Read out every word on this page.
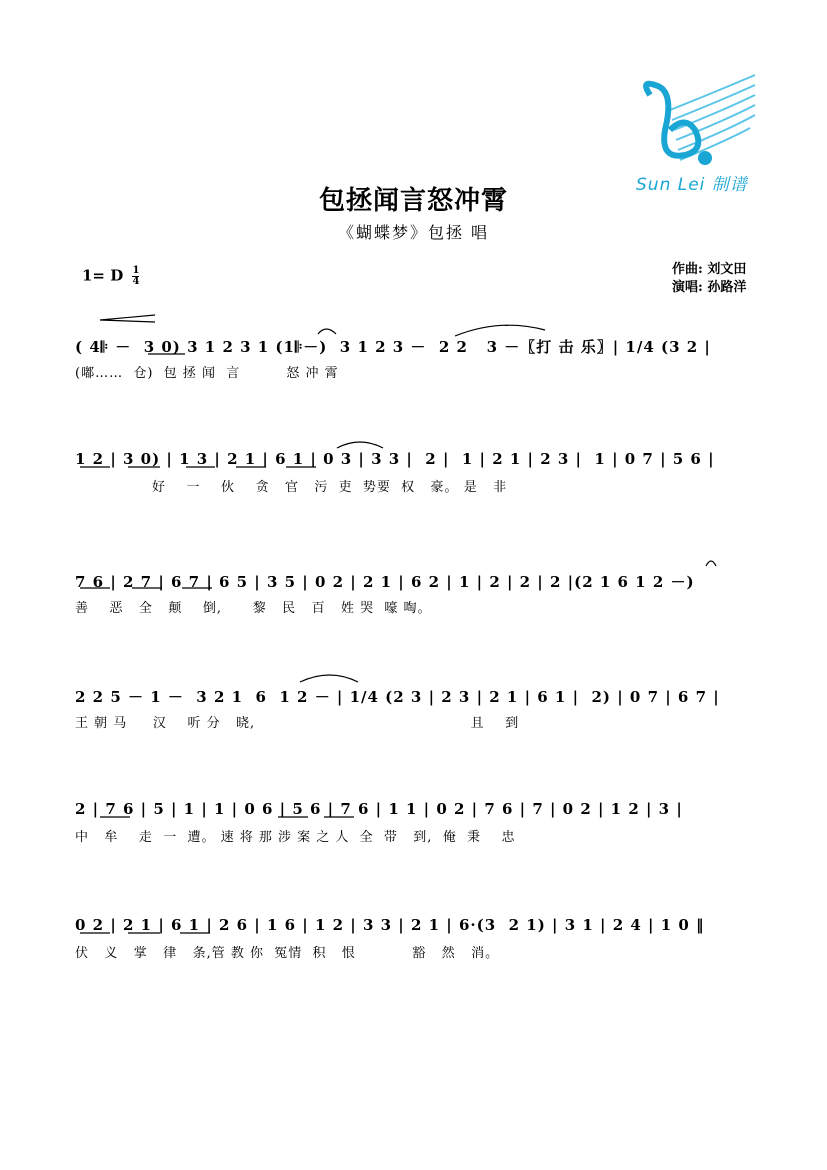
Sun Lei 制谱
包拯闻言怒冲霄
《蝴蝶梦》包拯 唱
1= D $\frac{1}{4}$	作曲: 刘文田
演唱: 孙路洋
( 4𝄆 －  3 0) 3 1 2 3 1 (1𝄆－)  3 1 2 3 －  2 2   3 －〖打 击 乐〗| 1/4 (3 2 |
(嘟……  仓)  包 拯 闻  言         怒 冲 霄
1 2 | 3 0) | 1 3 | 2 1 | 6 1 | 0 3 | 3 3 |  2 |  1 | 2 1 | 2 3 |  1 | 0 7 | 5 6 |
好    一    伙    贪   官   污  吏  势要  权   豪。 是   非
7 6 | 2 7 | 6 7 | 6 5 | 3 5 | 0 2 | 2 1 | 6 2 | 1 | 2 | 2 | 2 |(2 1 6 1 2 －)
善    恶   全   颠    倒,      黎   民   百   姓 哭  嚎 啕。
2 2 5 － 1 －  3 2 1  6  1 2 － | 1/4 (2 3 | 2 3 | 2 1 | 6 1 |  2) | 0 7 | 6 7 |
王 朝 马     汉    听 分   晓,                                          且    到
2 | 7 6 | 5 | 1 | 1 | 0 6 | 5 6 | 7 6 | 1 1 | 0 2 | 7 6 | 7 | 0 2 | 1 2 | 3 |
中   牟    走  一  遭。 速 将 那 涉 案 之 人  全  带   到,  俺  秉    忠
0 2 | 2 1 | 6 1 | 2 6 | 1 6 | 1 2 | 3 3 | 2 1 | 6·(3  2 1) | 3 1 | 2 4 | 1 0 ‖
伏   义   掌   律   条,管 教 你  冤情  积   恨           豁   然   消。
